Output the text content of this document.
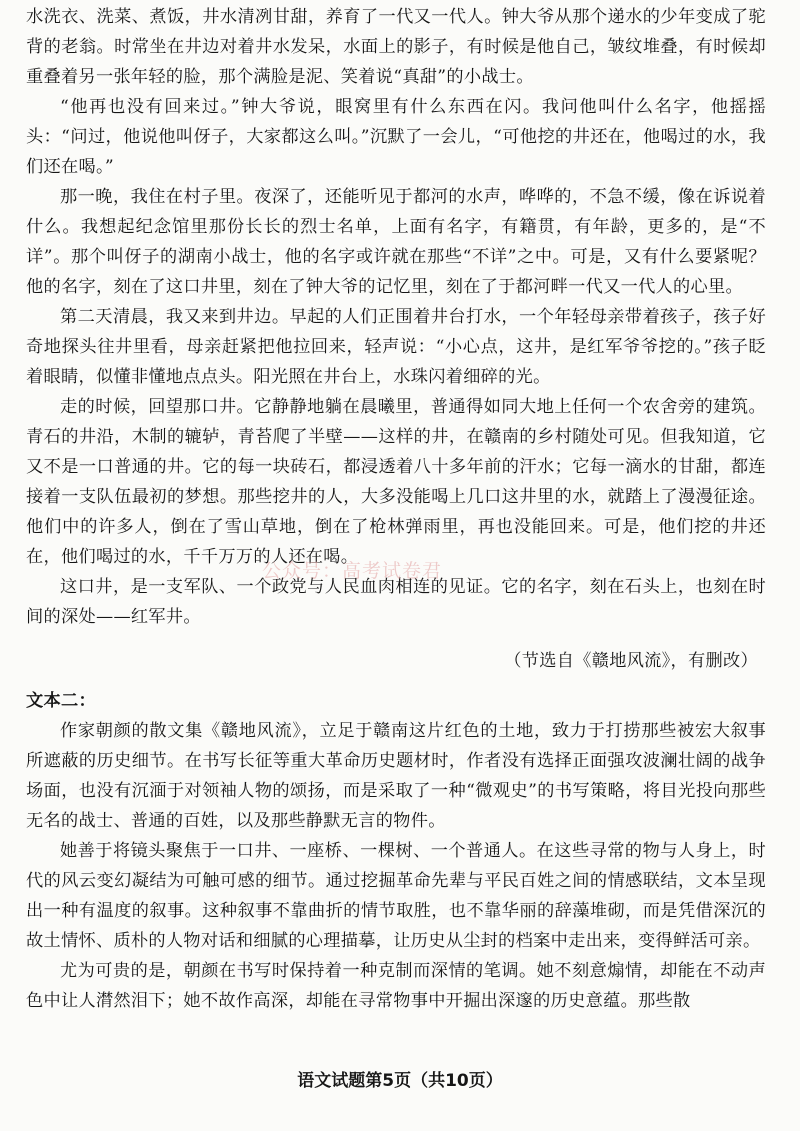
水洗衣、洗菜、煮饭，井水清冽甘甜，养育了一代又一代人。钟大爷从那个递水的少年变成了驼背的老翁。时常坐在井边对着井水发呆，水面上的影子，有时候是他自己，皱纹堆叠，有时候却重叠着另一张年轻的脸，那个满脸是泥、笑着说“真甜”的小战士。

“他再也没有回来过。”钟大爷说，眼窝里有什么东西在闪。我问他叫什么名字，他摇摇头：“问过，他说他叫伢子，大家都这么叫。”沉默了一会儿，“可他挖的井还在，他喝过的水，我们还在喝。”

那一晚，我住在村子里。夜深了，还能听见于都河的水声，哗哗的，不急不缓，像在诉说着什么。我想起纪念馆里那份长长的烈士名单，上面有名字，有籍贯，有年龄，更多的，是“不详”。那个叫伢子的湖南小战士，他的名字或许就在那些“不详”之中。可是，又有什么要紧呢？他的名字，刻在了这口井里，刻在了钟大爷的记忆里，刻在了于都河畔一代又一代人的心里。

第二天清晨，我又来到井边。早起的人们正围着井台打水，一个年轻母亲带着孩子，孩子好奇地探头往井里看，母亲赶紧把他拉回来，轻声说：“小心点，这井，是红军爷爷挖的。”孩子眨着眼睛，似懂非懂地点点头。阳光照在井台上，水珠闪着细碎的光。

走的时候，回望那口井。它静静地躺在晨曦里，普通得如同大地上任何一个农舍旁的建筑。青石的井沿，木制的辘轳，青苔爬了半壁——这样的井，在赣南的乡村随处可见。但我知道，它又不是一口普通的井。它的每一块砖石，都浸透着八十多年前的汗水；它每一滴水的甘甜，都连接着一支队伍最初的梦想。那些挖井的人，大多没能喝上几口这井里的水，就踏上了漫漫征途。他们中的许多人，倒在了雪山草地，倒在了枪林弹雨里，再也没能回来。可是，他们挖的井还在，他们喝过的水，千千万万的人还在喝。

这口井，是一支军队、一个政党与人民血肉相连的见证。它的名字，刻在石头上，也刻在时间的深处——红军井。

（节选自《赣地风流》，有删改）

文本二：

作家朝颜的散文集《赣地风流》，立足于赣南这片红色的土地，致力于打捞那些被宏大叙事所遮蔽的历史细节。在书写长征等重大革命历史题材时，作者没有选择正面强攻波澜壮阔的战争场面，也没有沉湎于对领袖人物的颂扬，而是采取了一种“微观史”的书写策略，将目光投向那些无名的战士、普通的百姓，以及那些静默无言的物件。

她善于将镜头聚焦于一口井、一座桥、一棵树、一个普通人。在这些寻常的物与人身上，时代的风云变幻凝结为可触可感的细节。通过挖掘革命先辈与平民百姓之间的情感联结，文本呈现出一种有温度的叙事。这种叙事不靠曲折的情节取胜，也不靠华丽的辞藻堆砌，而是凭借深沉的故土情怀、质朴的人物对话和细腻的心理描摹，让历史从尘封的档案中走出来，变得鲜活可亲。

尤为可贵的是，朝颜在书写时保持着一种克制而深情的笔调。她不刻意煽情，却能在不动声色中让人潸然泪下；她不故作高深，却能在寻常物事中开掘出深邃的历史意蕴。那些散

公众号：高考试卷君
语文试题第5页（共10页）
